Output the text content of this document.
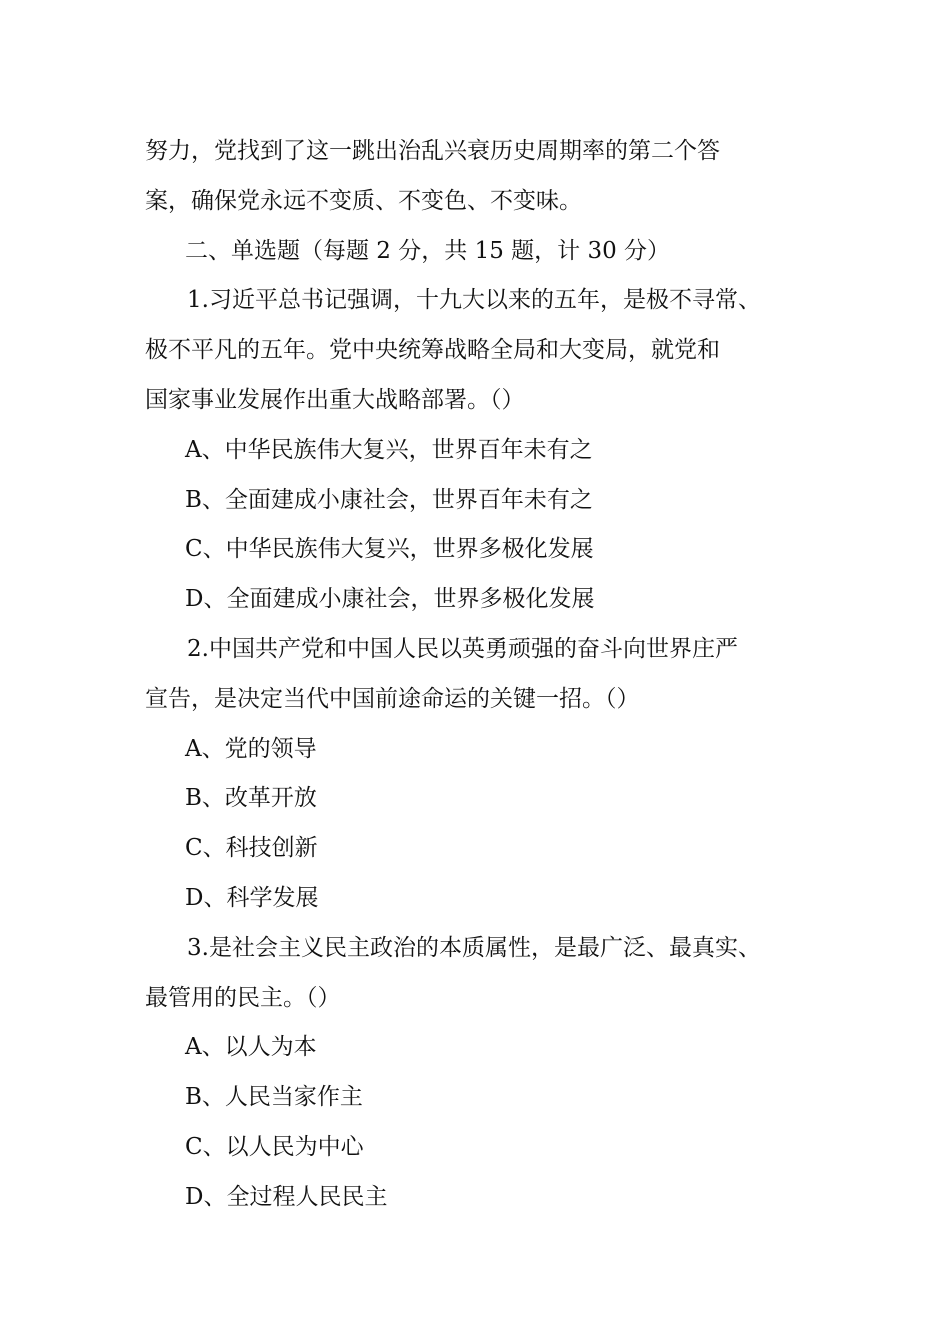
努力，党找到了这一跳出治乱兴衰历史周期率的第二个答
案，确保党永远不变质、不变色、不变味。
二、单选题（每题 2 分，共 15 题，计 30 分）
1.习近平总书记强调，十九大以来的五年，是极不寻常、
极不平凡的五年。党中央统筹战略全局和大变局，就党和
国家事业发展作出重大战略部署。（）
A、中华民族伟大复兴，世界百年未有之
B、全面建成小康社会，世界百年未有之
C、中华民族伟大复兴，世界多极化发展
D、全面建成小康社会，世界多极化发展
2.中国共产党和中国人民以英勇顽强的奋斗向世界庄严
宣告，是决定当代中国前途命运的关键一招。（）
A、党的领导
B、改革开放
C、科技创新
D、科学发展
3.是社会主义民主政治的本质属性，是最广泛、最真实、
最管用的民主。（）
A、以人为本
B、人民当家作主
C、以人民为中心
D、全过程人民民主
